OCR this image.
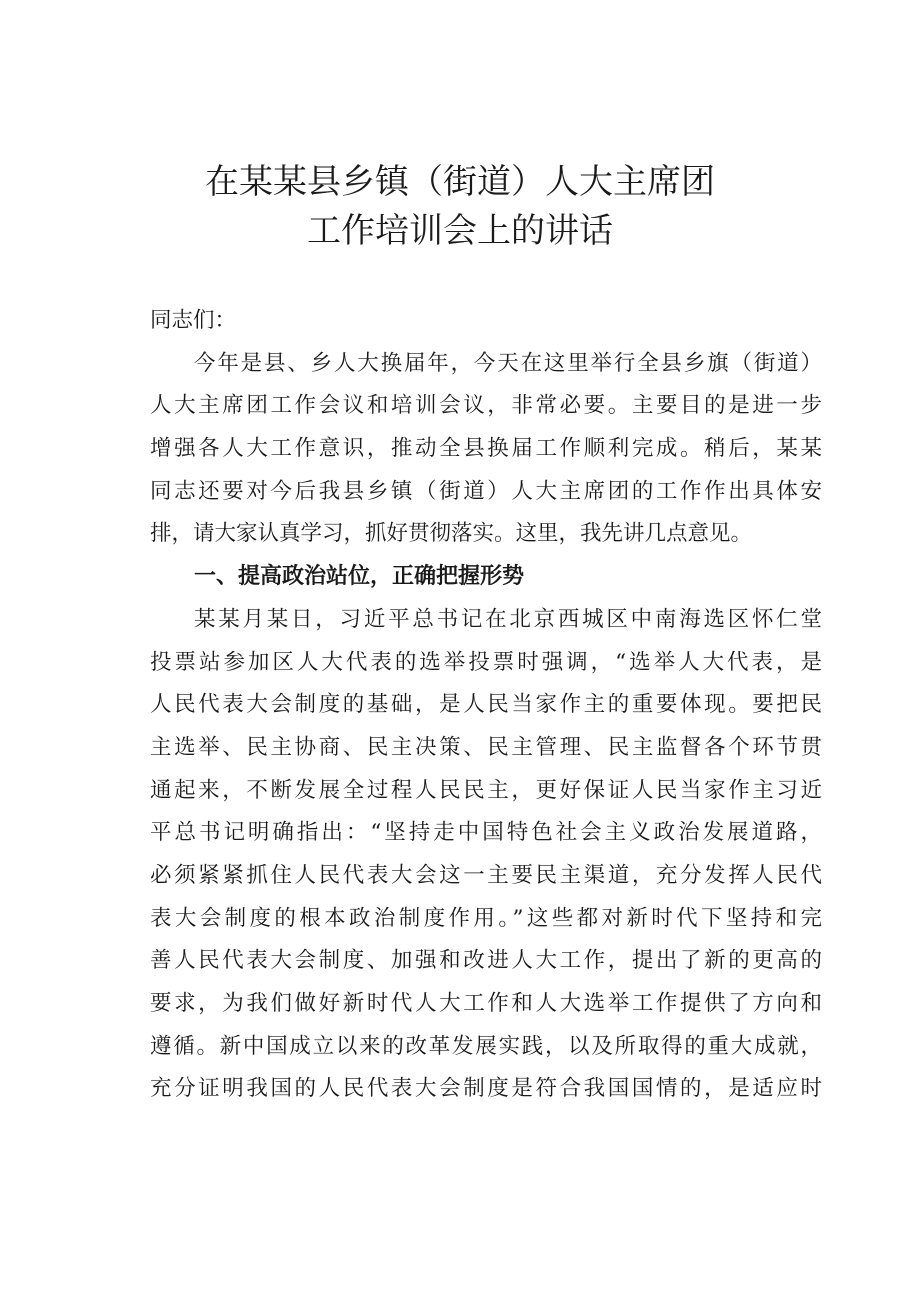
在某某县乡镇（街道）人大主席团
工作培训会上的讲话
同志们：
今年是县、乡人大换届年，今天在这里举行全县乡旗（街道）
人大主席团工作会议和培训会议，非常必要。主要目的是进一步
增强各人大工作意识，推动全县换届工作顺利完成。稍后，某某
同志还要对今后我县乡镇（街道）人大主席团的工作作出具体安
排，请大家认真学习，抓好贯彻落实。这里，我先讲几点意见。
一、提高政治站位，正确把握形势
某某月某日，习近平总书记在北京西城区中南海选区怀仁堂
投票站参加区人大代表的选举投票时强调，“选举人大代表，是
人民代表大会制度的基础，是人民当家作主的重要体现。要把民
主选举、民主协商、民主决策、民主管理、民主监督各个环节贯
通起来，不断发展全过程人民民主，更好保证人民当家作主习近
平总书记明确指出：“坚持走中国特色社会主义政治发展道路，
必须紧紧抓住人民代表大会这一主要民主渠道，充分发挥人民代
表大会制度的根本政治制度作用。”这些都对新时代下坚持和完
善人民代表大会制度、加强和改进人大工作，提出了新的更高的
要求，为我们做好新时代人大工作和人大选举工作提供了方向和
遵循。新中国成立以来的改革发展实践，以及所取得的重大成就，
充分证明我国的人民代表大会制度是符合我国国情的，是适应时
